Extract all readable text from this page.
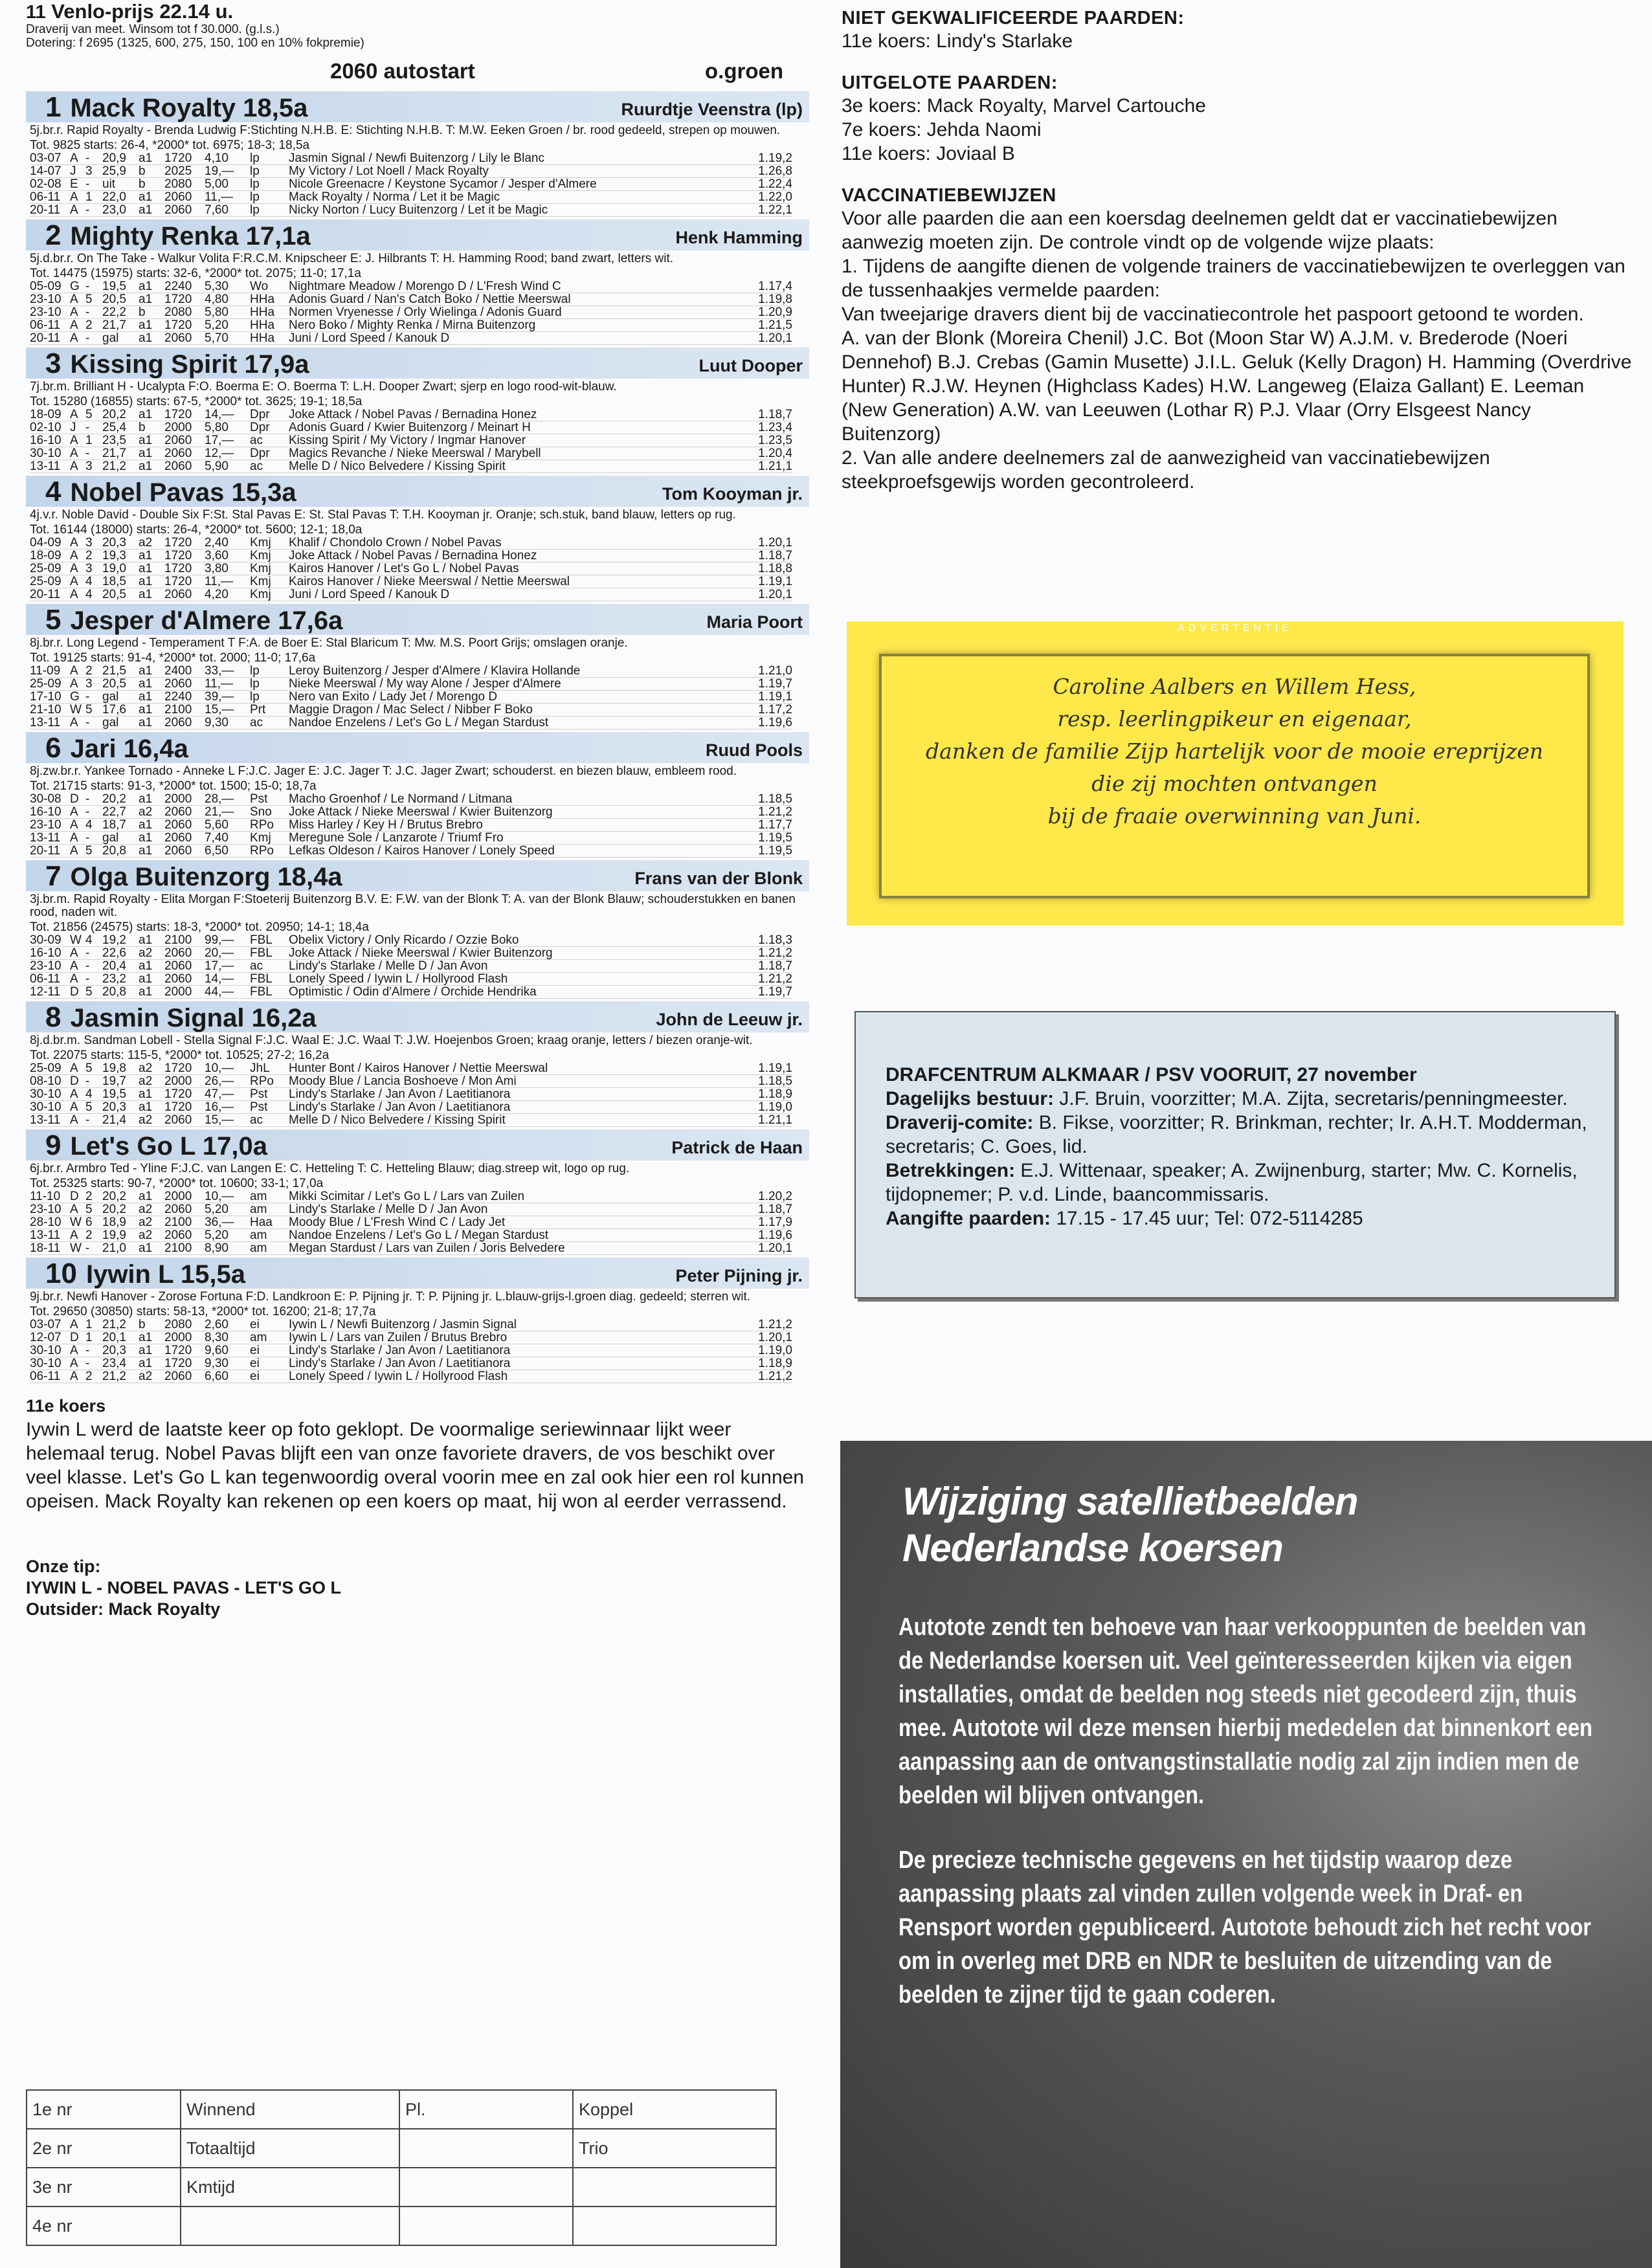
11 Venlo-prijs 22.14 u.
Draverij van meet. Winsom tot f 30.000. (g.l.s.)
Dotering: f 2695 (1325, 600, 275, 150, 100 en 10% fokpremie)
2060 autostart	o.groen
1 Mack Royalty 18,5a	Ruurdtje Veenstra (lp)
5j.br.r. Rapid Royalty - Brenda Ludwig F:Stichting N.H.B. E: Stichting N.H.B. T: M.W. Eeken Groen / br. rood gedeeld, strepen op mouwen.
Tot. 9825 starts: 26-4, *2000* tot. 6975; 18-3; 18,5a
03-07	A	-	20,9	a1	1720	4,10	lp	Jasmin Signal / Newfi Buitenzorg / Lily le Blanc	1.19,2
14-07	J	3	25,9	b	2025	19,—	lp	My Victory / Lot Noell / Mack Royalty	1.26,8
02-08	E	-	uit	b	2080	5,00	lp	Nicole Greenacre / Keystone Sycamor / Jesper d'Almere	1.22,4
06-11	A	1	22,0	a1	2060	11,—	lp	Mack Royalty / Norma / Let it be Magic	1.22,0
20-11	A	-	23,0	a1	2060	7,60	lp	Nicky Norton / Lucy Buitenzorg / Let it be Magic	1.22,1
2 Mighty Renka 17,1a	Henk Hamming
5j.d.br.r. On The Take - Walkur Volita F:R.C.M. Knipscheer E: J. Hilbrants T: H. Hamming Rood; band zwart, letters wit.
Tot. 14475 (15975) starts: 32-6, *2000* tot. 2075; 11-0; 17,1a
05-09	G	-	19,5	a1	2240	5,30	Wo	Nightmare Meadow / Morengo D / L'Fresh Wind C	1.17,4
23-10	A	5	20,5	a1	1720	4,80	HHa	Adonis Guard / Nan's Catch Boko / Nettie Meerswal	1.19,8
23-10	A	-	22,2	b	2080	5,80	HHa	Normen Vryenesse / Orly Wielinga / Adonis Guard	1.20,9
06-11	A	2	21,7	a1	1720	5,20	HHa	Nero Boko / Mighty Renka / Mirna Buitenzorg	1.21,5
20-11	A	-	gal	a1	2060	5,70	HHa	Juni / Lord Speed / Kanouk D	1.20,1
3 Kissing Spirit 17,9a	Luut Dooper
7j.br.m. Brilliant H - Ucalypta F:O. Boerma E: O. Boerma T: L.H. Dooper Zwart; sjerp en logo rood-wit-blauw.
Tot. 15280 (16855) starts: 67-5, *2000* tot. 3625; 19-1; 18,5a
18-09	A	5	20,2	a1	1720	14,—	Dpr	Joke Attack / Nobel Pavas / Bernadina Honez	1.18,7
02-10	J	-	25,4	b	2000	5,80	Dpr	Adonis Guard / Kwier Buitenzorg / Meinart H	1.23,4
16-10	A	1	23,5	a1	2060	17,—	ac	Kissing Spirit / My Victory / Ingmar Hanover	1.23,5
30-10	A	-	21,7	a1	2060	12,—	Dpr	Magics Revanche / Nieke Meerswal / Marybell	1.20,4
13-11	A	3	21,2	a1	2060	5,90	ac	Melle D / Nico Belvedere / Kissing Spirit	1.21,1
4 Nobel Pavas 15,3a	Tom Kooyman jr.
4j.v.r. Noble David - Double Six F:St. Stal Pavas E: St. Stal Pavas T: T.H. Kooyman jr. Oranje; sch.stuk, band blauw, letters op rug.
Tot. 16144 (18000) starts: 26-4, *2000* tot. 5600; 12-1; 18,0a
04-09	A	3	20,3	a2	1720	2,40	Kmj	Khalif / Chondolo Crown / Nobel Pavas	1.20,1
18-09	A	2	19,3	a1	1720	3,60	Kmj	Joke Attack / Nobel Pavas / Bernadina Honez	1.18,7
25-09	A	3	19,0	a1	1720	3,80	Kmj	Kairos Hanover / Let's Go L / Nobel Pavas	1.18,8
25-09	A	4	18,5	a1	1720	11,—	Kmj	Kairos Hanover / Nieke Meerswal / Nettie Meerswal	1.19,1
20-11	A	4	20,5	a1	2060	4,20	Kmj	Juni / Lord Speed / Kanouk D	1.20,1
5 Jesper d'Almere 17,6a	Maria Poort
8j.br.r. Long Legend - Temperament T F:A. de Boer E: Stal Blaricum T: Mw. M.S. Poort Grijs; omslagen oranje.
Tot. 19125 starts: 91-4, *2000* tot. 2000; 11-0; 17,6a
11-09	A	2	21,5	a1	2400	33,—	lp	Leroy Buitenzorg / Jesper d'Almere / Klavira Hollande	1.21,0
25-09	A	3	20,5	a1	2060	11,—	lp	Nieke Meerswal / My way Alone / Jesper d'Almere	1.19,7
17-10	G	-	gal	a1	2240	39,—	lp	Nero van Exito / Lady Jet / Morengo D	1.19,1
21-10	W	5	17,6	a1	2100	15,—	Prt	Maggie Dragon / Mac Select / Nibber F Boko	1.17,2
13-11	A	-	gal	a1	2060	9,30	ac	Nandoe Enzelens / Let's Go L / Megan Stardust	1.19,6
6 Jari 16,4a	Ruud Pools
8j.zw.br.r. Yankee Tornado - Anneke L F:J.C. Jager E: J.C. Jager T: J.C. Jager Zwart; schouderst. en biezen blauw, embleem rood.
Tot. 21715 starts: 91-3, *2000* tot. 1500; 15-0; 18,7a
30-08	D	-	20,2	a1	2000	28,—	Pst	Macho Groenhof / Le Normand / Litmana	1.18,5
16-10	A	-	22,7	a2	2060	21,—	Sno	Joke Attack / Nieke Meerswal / Kwier Buitenzorg	1.21,2
23-10	A	4	18,7	a1	2060	5,60	RPo	Miss Harley / Key H / Brutus Brebro	1.17,7
13-11	A	-	gal	a1	2060	7,40	Kmj	Meregune Sole / Lanzarote / Triumf Fro	1.19,5
20-11	A	5	20,8	a1	2060	6,50	RPo	Lefkas Oldeson / Kairos Hanover / Lonely Speed	1.19,5
7 Olga Buitenzorg 18,4a	Frans van der Blonk
3j.br.m. Rapid Royalty - Elita Morgan F:Stoeterij Buitenzorg B.V. E: F.W. van der Blonk T: A. van der Blonk Blauw; schouderstukken en banen rood, naden wit.
Tot. 21856 (24575) starts: 18-3, *2000* tot. 20950; 14-1; 18,4a
30-09	W	4	19,2	a1	2100	99,—	FBL	Obelix Victory / Only Ricardo / Ozzie Boko	1.18,3
16-10	A	-	22,6	a2	2060	20,—	FBL	Joke Attack / Nieke Meerswal / Kwier Buitenzorg	1.21,2
23-10	A	-	20,4	a1	2060	17,—	ac	Lindy's Starlake / Melle D / Jan Avon	1.18,7
06-11	A	-	23,2	a1	2060	14,—	FBL	Lonely Speed / Iywin L / Hollyrood Flash	1.21,2
12-11	D	5	20,8	a1	2000	44,—	FBL	Optimistic / Odin d'Almere / Orchide Hendrika	1.19,7
8 Jasmin Signal 16,2a	John de Leeuw jr.
8j.d.br.m. Sandman Lobell - Stella Signal F:J.C. Waal E: J.C. Waal T: J.W. Hoejenbos Groen; kraag oranje, letters / biezen oranje-wit.
Tot. 22075 starts: 115-5, *2000* tot. 10525; 27-2; 16,2a
25-09	A	5	19,8	a2	1720	10,—	JhL	Hunter Bont / Kairos Hanover / Nettie Meerswal	1.19,1
08-10	D	-	19,7	a2	2000	26,—	RPo	Moody Blue / Lancia Boshoeve / Mon Ami	1.18,5
30-10	A	4	19,5	a1	1720	47,—	Pst	Lindy's Starlake / Jan Avon / Laetitianora	1.18,9
30-10	A	5	20,3	a1	1720	16,—	Pst	Lindy's Starlake / Jan Avon / Laetitianora	1.19,0
13-11	A	-	21,4	a2	2060	15,—	ac	Melle D / Nico Belvedere / Kissing Spirit	1.21,1
9 Let's Go L 17,0a	Patrick de Haan
6j.br.r. Armbro Ted - Yline F:J.C. van Langen E: C. Hetteling T: C. Hetteling Blauw; diag.streep wit, logo op rug.
Tot. 25325 starts: 90-7, *2000* tot. 10600; 33-1; 17,0a
11-10	D	2	20,2	a1	2000	10,—	am	Mikki Scimitar / Let's Go L / Lars van Zuilen	1.20,2
23-10	A	5	20,2	a2	2060	5,20	am	Lindy's Starlake / Melle D / Jan Avon	1.18,7
28-10	W	6	18,9	a2	2100	36,—	Haa	Moody Blue / L'Fresh Wind C / Lady Jet	1.17,9
13-11	A	2	19,9	a2	2060	5,20	am	Nandoe Enzelens / Let's Go L / Megan Stardust	1.19,6
18-11	W	-	21,0	a1	2100	8,90	am	Megan Stardust / Lars van Zuilen / Joris Belvedere	1.20,1
10 Iywin L 15,5a	Peter Pijning jr.
9j.br.r. Newfi Hanover - Zorose Fortuna F:D. Landkroon E: P. Pijning jr. T: P. Pijning jr. L.blauw-grijs-l.groen diag. gedeeld; sterren wit.
Tot. 29650 (30850) starts: 58-13, *2000* tot. 16200; 21-8; 17,7a
03-07	A	1	21,2	b	2080	2,60	ei	Iywin L / Newfi Buitenzorg / Jasmin Signal	1.21,2
12-07	D	1	20,1	a1	2000	8,30	am	Iywin L / Lars van Zuilen / Brutus Brebro	1.20,1
30-10	A	-	20,3	a1	1720	9,60	ei	Lindy's Starlake / Jan Avon / Laetitianora	1.19,0
30-10	A	-	23,4	a1	1720	9,30	ei	Lindy's Starlake / Jan Avon / Laetitianora	1.18,9
06-11	A	2	21,2	a2	2060	6,60	ei	Lonely Speed / Iywin L / Hollyrood Flash	1.21,2
11e koers
Iywin L werd de laatste keer op foto geklopt. De voormalige seriewinnaar lijkt weer helemaal terug. Nobel Pavas blijft een van onze favoriete dravers, de vos beschikt over veel klasse. Let's Go L kan tegenwoordig overal voorin mee en zal ook hier een rol kunnen opeisen. Mack Royalty kan rekenen op een koers op maat, hij won al eerder verrassend.
Onze tip:
IYWIN L - NOBEL PAVAS - LET'S GO L
Outsider: Mack Royalty
1e nr	Winnend	Pl.	Koppel
2e nr	Totaaltijd		Trio
3e nr	Kmtijd		
4e nr			
NIET GEKWALIFICEERDE PAARDEN:
11e koers: Lindy's Starlake
UITGELOTE PAARDEN:
3e koers: Mack Royalty, Marvel Cartouche
7e koers: Jehda Naomi
11e koers: Joviaal B
VACCINATIEBEWIJZEN
Voor alle paarden die aan een koersdag deelnemen geldt dat er vaccinatiebewijzen aanwezig moeten zijn. De controle vindt op de volgende wijze plaats:
1. Tijdens de aangifte dienen de volgende trainers de vaccinatiebewijzen te overleggen van de tussenhaakjes vermelde paarden:
Van tweejarige dravers dient bij de vaccinatiecontrole het paspoort getoond te worden.
A. van der Blonk (Moreira Chenil) J.C. Bot (Moon Star W) A.J.M. v. Brederode (Noeri Dennehof) B.J. Crebas (Gamin Musette) J.I.L. Geluk (Kelly Dragon) H. Hamming (Overdrive Hunter) R.J.W. Heynen (Highclass Kades) H.W. Langeweg (Elaiza Gallant) E. Leeman (New Generation) A.W. van Leeuwen (Lothar R) P.J. Vlaar (Orry Elsgeest Nancy Buitenzorg)
2. Van alle andere deelnemers zal de aanwezigheid van vaccinatiebewijzen steekproefsgewijs worden gecontroleerd.
ADVERTENTIE
Caroline Aalbers en Willem Hess,
resp. leerlingpikeur en eigenaar,
danken de familie Zijp hartelijk voor de mooie ereprijzen
die zij mochten ontvangen
bij de fraaie overwinning van Juni.
DRAFCENTRUM ALKMAAR / PSV VOORUIT, 27 november
Dagelijks bestuur: J.F. Bruin, voorzitter; M.A. Zijta, secretaris/penningmeester.
Draverij-comite: B. Fikse, voorzitter; R. Brinkman, rechter; Ir. A.H.T. Modderman, secretaris; C. Goes, lid.
Betrekkingen: E.J. Wittenaar, speaker; A. Zwijnenburg, starter; Mw. C. Kornelis, tijdopnemer; P. v.d. Linde, baancommissaris.
Aangifte paarden: 17.15 - 17.45 uur; Tel: 072-5114285
Wijziging satellietbeelden
Nederlandse koersen
Autotote zendt ten behoeve van haar verkooppunten de beelden van de Nederlandse koersen uit. Veel geïnteresseerden kijken via eigen installaties, omdat de beelden nog steeds niet gecodeerd zijn, thuis mee. Autotote wil deze mensen hierbij mededelen dat binnenkort een aanpassing aan de ontvangstinstallatie nodig zal zijn indien men de beelden wil blijven ontvangen.
De precieze technische gegevens en het tijdstip waarop deze aanpassing plaats zal vinden zullen volgende week in Draf- en Rensport worden gepubliceerd. Autotote behoudt zich het recht voor om in overleg met DRB en NDR te besluiten de uitzending van de beelden te zijner tijd te gaan coderen.
